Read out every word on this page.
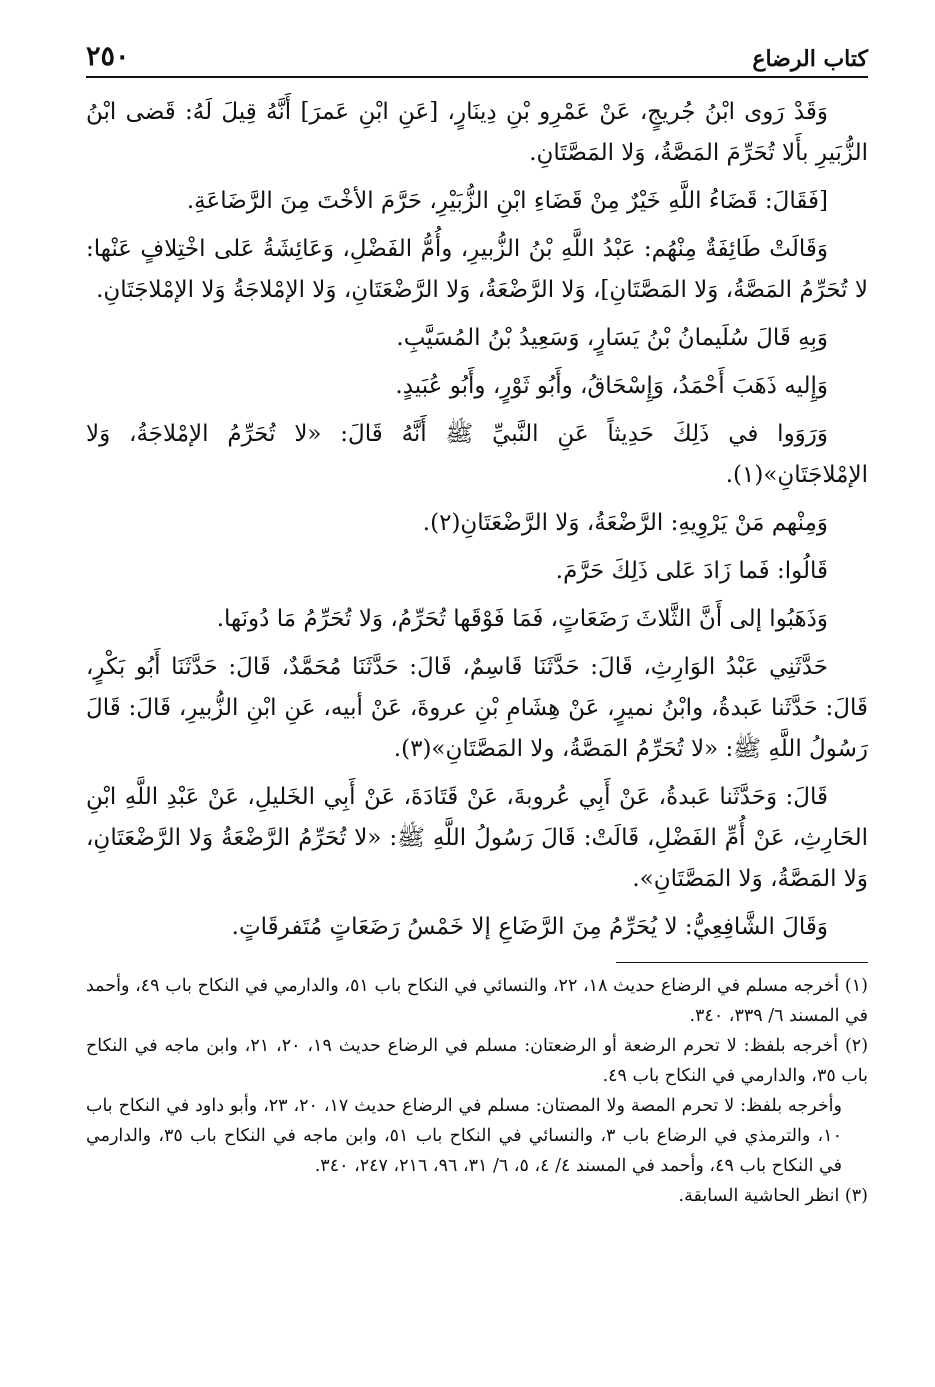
كتاب الرضاع
٢٥٠

وَقَدْ رَوى ابْنُ جُريجٍ، عَنْ عَمْرِو بْنِ دِينَارٍ، [عَنِ ابْنِ عَمرَ] أَنَّهُ قِيلَ لَهُ: قَضى ابْنُ الزُّبَيرِ بأَلا تُحَرِّمَ المَصَّةُ، وَلا المَصَّتَانِ.

[فَقَالَ: قَضَاءُ اللَّهِ خَيْرٌ مِنْ قَضَاءِ ابْنِ الزُّبَيْرِ، حَرَّمَ الأخْتَ مِنَ الرَّضَاعَةِ.

وَقَالَتْ طَائِفَةٌ مِنْهُم: عَبْدُ اللَّهِ بْنُ الزُّبيرِ، وأُمُّ الفَضْلِ، وَعَائِشَةُ عَلى اخْتِلافٍ عَنْها: لا تُحَرِّمُ المَصَّةُ، وَلا المَصَّتَانِ]، وَلا الرَّضْعَةُ، وَلا الرَّضْعَتَانِ، وَلا الإمْلاجَةُ وَلا الإمْلاجَتَانِ.

وَبِهِ قَالَ سُلَيمانُ بْنُ يَسَارٍ، وَسَعِيدُ بْنُ المُسَيَّبِ.

وَإِليه ذَهَبَ أَحْمَدُ، وَإِسْحَاقُ، وأَبُو ثَوْرٍ، وأَبُو عُبَيدٍ.

وَرَوَوا في ذَلِكَ حَدِيثاً عَنِ النَّبيِّ ﷺ أَنَّهُ قَالَ: «لا تُحَرِّمُ الإمْلاجَةُ، وَلا الإمْلاجَتَانِ»(١).

وَمِنْهم مَنْ يَرْوِيهِ: الرَّضْعَةُ، وَلا الرَّضْعَتَانِ(٢).

قَالُوا: فَما زَادَ عَلى ذَلِكَ حَرَّمَ.

وَذَهَبُوا إلى أَنَّ الثَّلاثَ رَضَعَاتٍ، فَمَا فَوْقَها تُحَرِّمُ، وَلا تُحَرِّمُ مَا دُونَها.

حَدَّثَنِي عَبْدُ الوَارِثِ، قَالَ: حَدَّثَنَا قَاسِمٌ، قَالَ: حَدَّثَنَا مُحَمَّدٌ، قَالَ: حَدَّثَنَا أَبُو بَكْرٍ، قَالَ: حَدَّثَنا عَبدةُ، وابْنُ نميرٍ، عَنْ هِشَامِ بْنِ عروةَ، عَنْ أبيه، عَنِ ابْنِ الزُّبيرِ، قَالَ: قَالَ رَسُولُ اللَّهِ ﷺ: «لا تُحَرِّمُ المَصَّةُ، ولا المَصَّتَانِ»(٣).

قَالَ: وَحَدَّثَنا عَبدةُ، عَنْ أَبِي عُروبةَ، عَنْ قَتَادَةَ، عَنْ أَبِي الخَليلِ، عَنْ عَبْدِ اللَّهِ ابْنِ الحَارِثِ، عَنْ أُمِّ الفَضْلِ، قَالَتْ: قَالَ رَسُولُ اللَّهِ ﷺ: «لا تُحَرِّمُ الرَّضْعَةُ وَلا الرَّضْعَتَانِ، وَلا المَصَّةُ، وَلا المَصَّتَانِ».

وَقَالَ الشَّافِعِيُّ: لا يُحَرِّمُ مِنَ الرَّضَاعِ إلا خَمْسُ رَضَعَاتٍ مُتَفرقَاتٍ.

(١) أخرجه مسلم في الرضاع حديث ١٨، ٢٢، والنسائي في النكاح باب ٥١، والدارمي في النكاح باب ٤٩، وأحمد في المسند ٦/ ٣٣٩، ٣٤٠.

(٢) أخرجه بلفظ: لا تحرم الرضعة أو الرضعتان: مسلم في الرضاع حديث ١٩، ٢٠، ٢١، وابن ماجه في النكاح باب ٣٥، والدارمي في النكاح باب ٤٩.

وأخرجه بلفظ: لا تحرم المصة ولا المصتان: مسلم في الرضاع حديث ١٧، ٢٠، ٢٣، وأبو داود في النكاح باب ١٠، والترمذي في الرضاع باب ٣، والنسائي في النكاح باب ٥١، وابن ماجه في النكاح باب ٣٥، والدارمي في النكاح باب ٤٩، وأحمد في المسند ٤/ ٤، ٥، ٦/ ٣١، ٩٦، ٢١٦، ٢٤٧، ٣٤٠.

(٣) انظر الحاشية السابقة.
